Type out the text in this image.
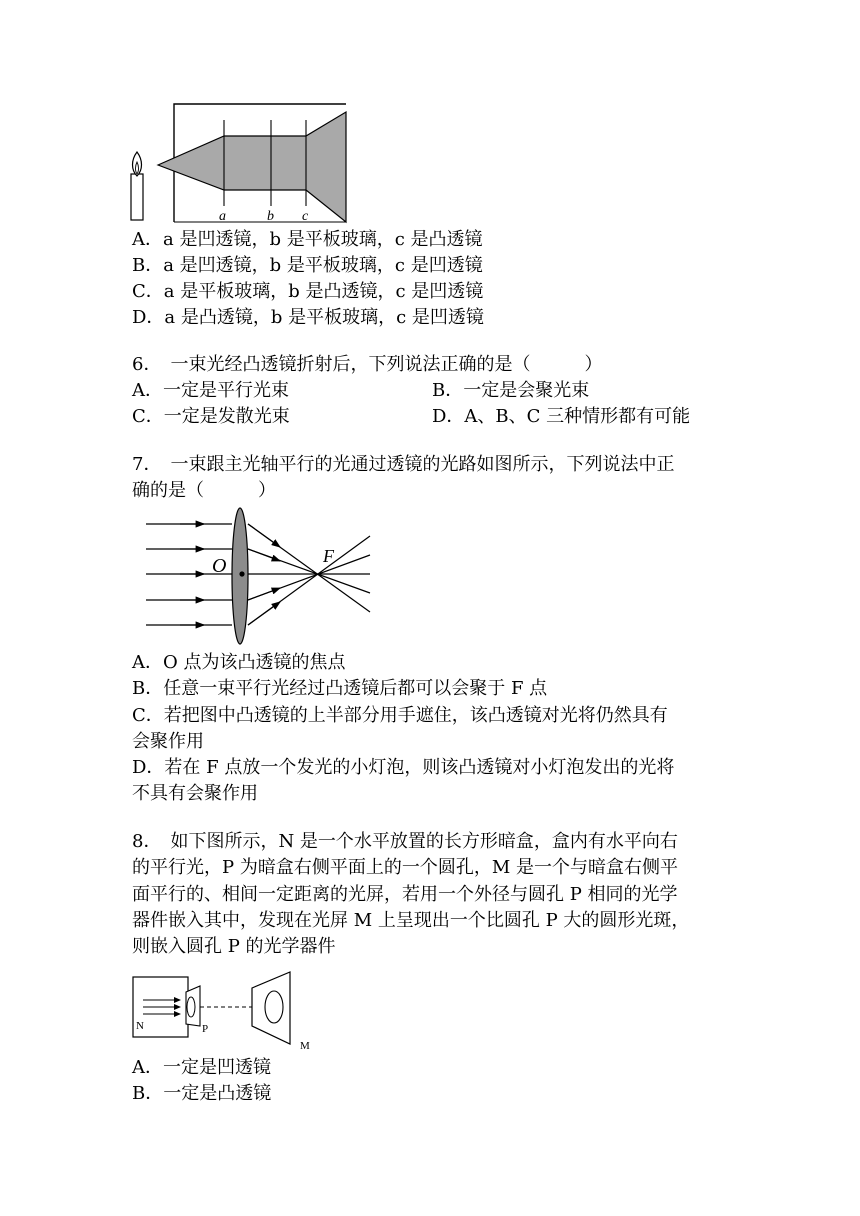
a	b c
A．a 是凹透镜，b 是平板玻璃，c 是凸透镜
B．a 是凹透镜，b 是平板玻璃，c 是凹透镜
C．a 是平板玻璃，b 是凸透镜，c 是凹透镜
D．a 是凸透镜，b 是平板玻璃，c 是凹透镜
6．　一束光经凸透镜折射后，下列说法正确的是（　　　）
A．一定是平行光束	B．一定是会聚光束
C．一定是发散光束	D．A、B、C 三种情形都有可能
7．　一束跟主光轴平行的光通过透镜的光路如图所示，下列说法中正
确的是（　　　）
O	F
A．O 点为该凸透镜的焦点
B．任意一束平行光经过凸透镜后都可以会聚于 F 点
C．若把图中凸透镜的上半部分用手遮住，该凸透镜对光将仍然具有
会聚作用
D．若在 F 点放一个发光的小灯泡，则该凸透镜对小灯泡发出的光将
不具有会聚作用
8．　如下图所示，N 是一个水平放置的长方形暗盒，盒内有水平向右
的平行光，P 为暗盒右侧平面上的一个圆孔，M 是一个与暗盒右侧平
面平行的、相间一定距离的光屏，若用一个外径与圆孔 P 相同的光学
器件嵌入其中，发现在光屏 M 上呈现出一个比圆孔 P 大的圆形光斑，
则嵌入圆孔 P 的光学器件
N	P
M
A．一定是凹透镜
B．一定是凸透镜
